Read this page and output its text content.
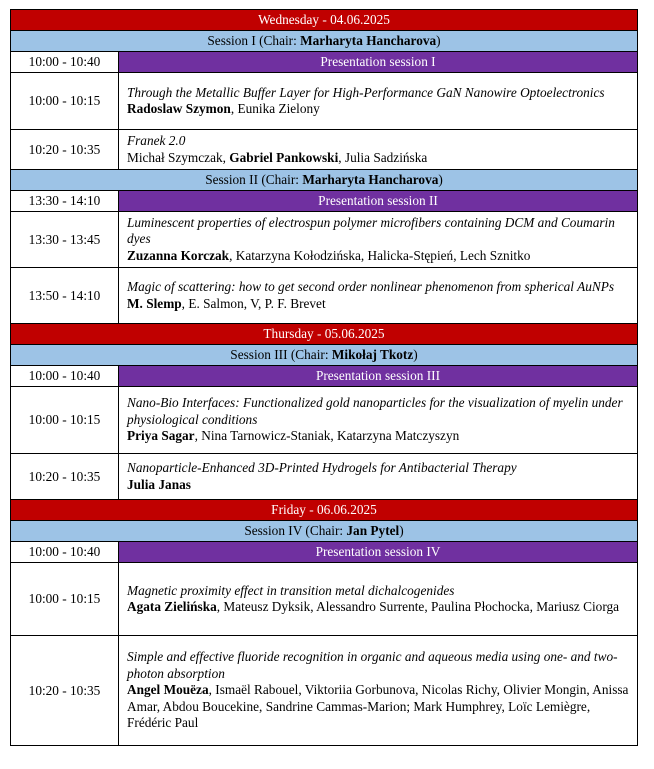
Wednesday - 04.06.2025	
Session I (Chair: Marharyta Hancharova)	
10:00 - 10:40	Presentation session I
10:00 - 10:15	Through the Metallic Buffer Layer for High-Performance GaN Nanowire Optoelectronics
Radoslaw Szymon, Eunika Zielony

10:20 - 10:35	Franek 2.0
Michał Szymczak, Gabriel Pankowski, Julia Sadzińska

Session II (Chair: Marharyta Hancharova)	
13:30 - 14:10	Presentation session II
13:30 - 13:45	Luminescent properties of electrospun polymer microfibers containing DCM and Coumarin dyes
Zuzanna Korczak, Katarzyna Kołodzińska, Halicka-Stępień, Lech Sznitko

13:50 - 14:10	Magic of scattering: how to get second order nonlinear phenomenon from spherical AuNPs
M. Slemp, E. Salmon, V, P. F. Brevet

Thursday - 05.06.2025	
Session III (Chair: Mikołaj Tkotz)	
10:00 - 10:40	Presentation session III
10:00 - 10:15	Nano-Bio Interfaces: Functionalized gold nanoparticles for the visualization of myelin under physiological conditions
Priya Sagar, Nina Tarnowicz-Staniak, Katarzyna Matczyszyn

10:20 - 10:35	Nanoparticle-Enhanced 3D-Printed Hydrogels for Antibacterial Therapy
Julia Janas

Friday - 06.06.2025	
Session IV (Chair: Jan Pytel)	
10:00 - 10:40	Presentation session IV
10:00 - 10:15	Magnetic proximity effect in transition metal dichalcogenides
Agata Zielińska, Mateusz Dyksik, Alessandro Surrente, Paulina Płochocka, Mariusz Ciorga

10:20 - 10:35	Simple and effective fluoride recognition in organic and aqueous media using one- and two-photon absorption
Angel Mouëza, Ismaël Rabouel, Viktoriia Gorbunova, Nicolas Richy, Olivier Mongin, Anissa Amar, Abdou Boucekine, Sandrine Cammas-Marion; Mark Humphrey, Loïc Lemiègre, Frédéric Paul
